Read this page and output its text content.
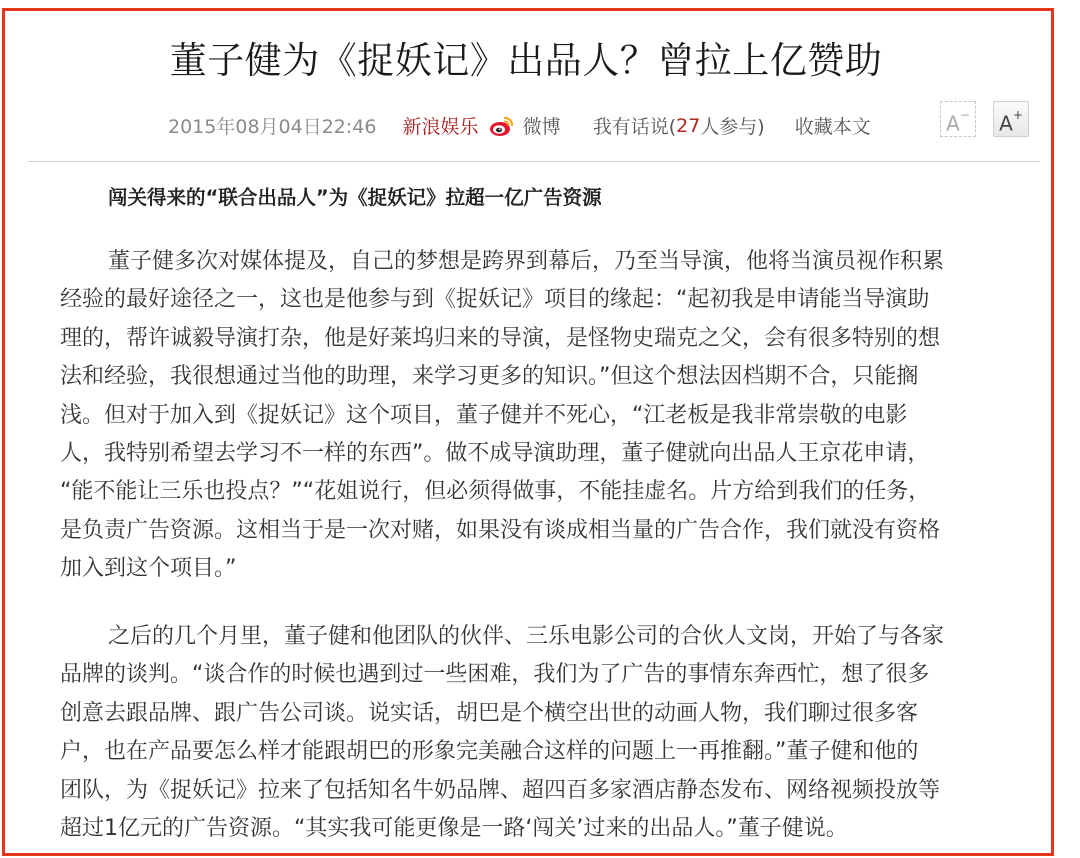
董子健为《捉妖记》出品人？曾拉上亿赞助
2015年08月04日22:46 新浪娱乐 微博 我有话说(27人参与) 收藏本文	A−	A+
闯关得来的“联合出品人”为《捉妖记》拉超一亿广告资源
董子健多次对媒体提及，自己的梦想是跨界到幕后，乃至当导演，他将当演员视作积累
经验的最好途径之一，这也是他参与到《捉妖记》项目的缘起：“起初我是申请能当导演助
理的，帮许诚毅导演打杂，他是好莱坞归来的导演，是怪物史瑞克之父，会有很多特别的想
法和经验，我很想通过当他的助理，来学习更多的知识。”但这个想法因档期不合，只能搁
浅。但对于加入到《捉妖记》这个项目，董子健并不死心，“江老板是我非常崇敬的电影
人，我特别希望去学习不一样的东西”。做不成导演助理，董子健就向出品人王京花申请，
“能不能让三乐也投点？”“花姐说行，但必须得做事，不能挂虚名。片方给到我们的任务，
是负责广告资源。这相当于是一次对赌，如果没有谈成相当量的广告合作，我们就没有资格
加入到这个项目。”
之后的几个月里，董子健和他团队的伙伴、三乐电影公司的合伙人文岗，开始了与各家
品牌的谈判。“谈合作的时候也遇到过一些困难，我们为了广告的事情东奔西忙，想了很多
创意去跟品牌、跟广告公司谈。说实话，胡巴是个横空出世的动画人物，我们聊过很多客
户，也在产品要怎么样才能跟胡巴的形象完美融合这样的问题上一再推翻。”董子健和他的
团队，为《捉妖记》拉来了包括知名牛奶品牌、超四百多家酒店静态发布、网络视频投放等
超过1亿元的广告资源。“其实我可能更像是一路‘闯关’过来的出品人。”董子健说。
